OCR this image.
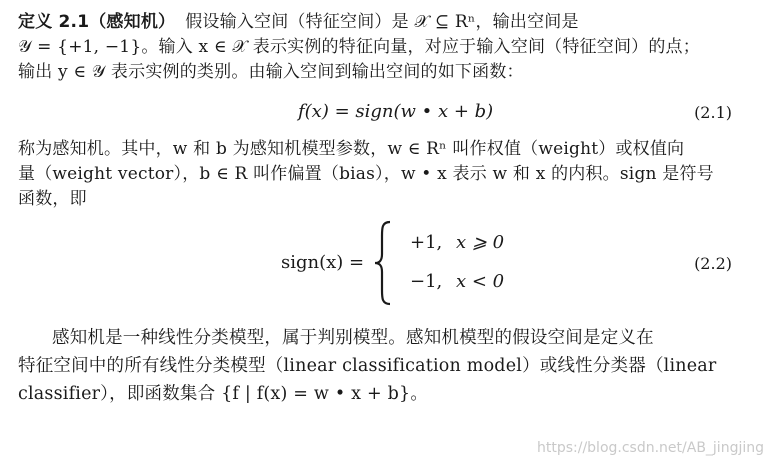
定义 2.1（感知机） 假设输入空间（特征空间）是 𝒳 ⊆ Rⁿ，输出空间是
𝒴 = {+1, −1}。输入 x ∈ 𝒳 表示实例的特征向量，对应于输入空间（特征空间）的点；
输出 y ∈ 𝒴 表示实例的类别。由输入空间到输出空间的如下函数：
f(x) = sign(w • x + b)	(2.1)
称为感知机。其中，w 和 b 为感知机模型参数，w ∈ Rⁿ 叫作权值（weight）或权值向
量（weight vector），b ∈ R 叫作偏置（bias），w • x 表示 w 和 x 的内积。sign 是符号
函数，即
sign(x) =
+1, x ⩾ 0
−1, x < 0
(2.2)
感知机是一种线性分类模型，属于判别模型。感知机模型的假设空间是定义在
特征空间中的所有线性分类模型（linear classification model）或线性分类器（linear
classifier），即函数集合 {f | f(x) = w • x + b}。
https://blog.csdn.net/AB_jingjing
